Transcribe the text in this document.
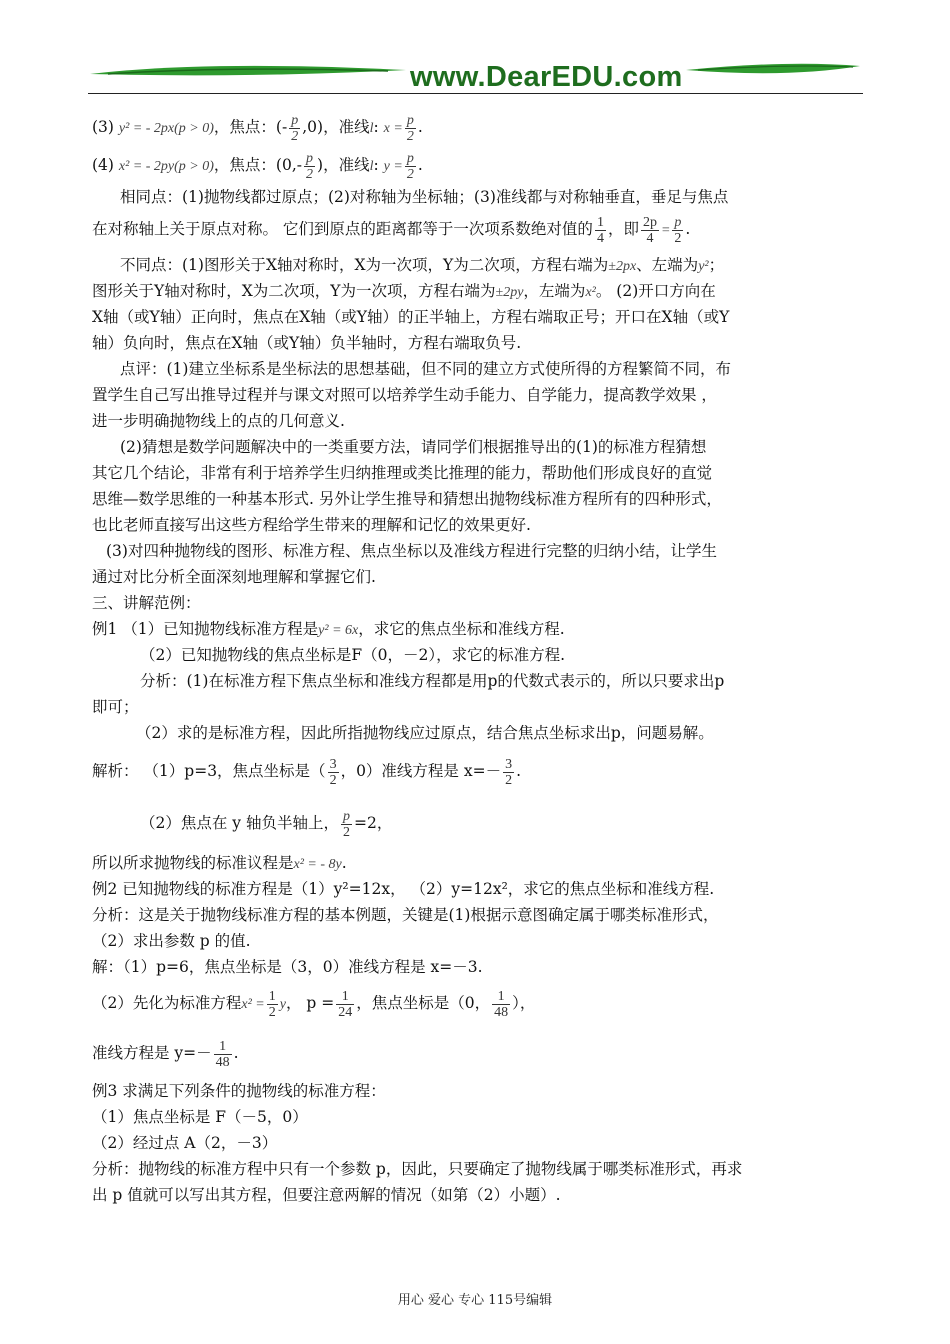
www.DearEDU.com
(3) y² = - 2px(p > 0)，焦点：(- $\frac{p}{2} ,0$)，准线l: $x = \frac{p}{2}$ .
(4) x² = - 2py(p > 0)，焦点：($0,- \frac{p}{2}$ )，准线l: $y = \frac{p}{2}$ .
相同点：(1)抛物线都过原点；(2)对称轴为坐标轴；(3)准线都与对称轴垂直，垂足与焦点
在对称轴上关于原点对称。 它们到原点的距离都等于一次项系数绝对值的 $\frac{1}{4}$ ，即 $\frac{2p}{4} = \frac{p}{2}$ .
不同点：(1)图形关于X轴对称时，X为一次项，Y为二次项，方程右端为±2px、左端为y²；
图形关于Y轴对称时，X为二次项，Y为一次项，方程右端为±2py，左端为x²。 (2)开口方向在
X轴（或Y轴）正向时，焦点在X轴（或Y轴）的正半轴上，方程右端取正号；开口在X轴（或Y
轴）负向时，焦点在X轴（或Y轴）负半轴时，方程右端取负号.
点评：(1)建立坐标系是坐标法的思想基础，但不同的建立方式使所得的方程繁简不同，布
置学生自己写出推导过程并与课文对照可以培养学生动手能力、自学能力，提高教学效果 ，
进一步明确抛物线上的点的几何意义.
(2)猜想是数学问题解决中的一类重要方法，请同学们根据推导出的(1)的标准方程猜想
其它几个结论，非常有利于培养学生归纳推理或类比推理的能力，帮助他们形成良好的直觉
思维—数学思维的一种基本形式. 另外让学生推导和猜想出抛物线标准方程所有的四种形式，
也比老师直接写出这些方程给学生带来的理解和记忆的效果更好.
(3)对四种抛物线的图形、标准方程、焦点坐标以及准线方程进行完整的归纳小结，让学生
通过对比分析全面深刻地理解和掌握它们.
三、讲解范例：
例1 （1）已知抛物线标准方程是y² = 6x，求它的焦点坐标和准线方程.
（2）已知抛物线的焦点坐标是F（0，－2），求它的标准方程.
分析：(1)在标准方程下焦点坐标和准线方程都是用p的代数式表示的，所以只要求出p
即可；
（2）求的是标准方程，因此所指抛物线应过原点，结合焦点坐标求出p，问题易解。
解析： （1）p=3，焦点坐标是（ $\frac{3}{2}$ ，0）准线方程是 $x=- \frac{3}{2}$ .
（2）焦点在 y 轴负半轴上， $\frac{p}{2} =2$，
所以所求抛物线的标准议程是x² = - 8y.
例2 已知抛物线的标准方程是（1）y²=12x， （2）y=12x²，求它的焦点坐标和准线方程.
分析：这是关于抛物线标准方程的基本例题，关键是(1)根据示意图确定属于哪类标准形式，
（2）求出参数 p 的值.
解：（1）p=6，焦点坐标是（3，0）准线方程是 x=－3.
（2）先化为标准方程$x^2 = \frac{1}{2}$ y， $p = \frac{1}{24}$ ，焦点坐标是（0， $\frac{1}{48}$ ），
准线方程是 $y=- \frac{1}{48}$ .
例3 求满足下列条件的抛物线的标准方程：
（1）焦点坐标是 F（－5，0）
（2）经过点 A（2，－3）
分析：抛物线的标准方程中只有一个参数 p，因此，只要确定了抛物线属于哪类标准形式，再求
出 p 值就可以写出其方程，但要注意两解的情况（如第（2）小题）.
用心 爱心 专心 115号编辑
